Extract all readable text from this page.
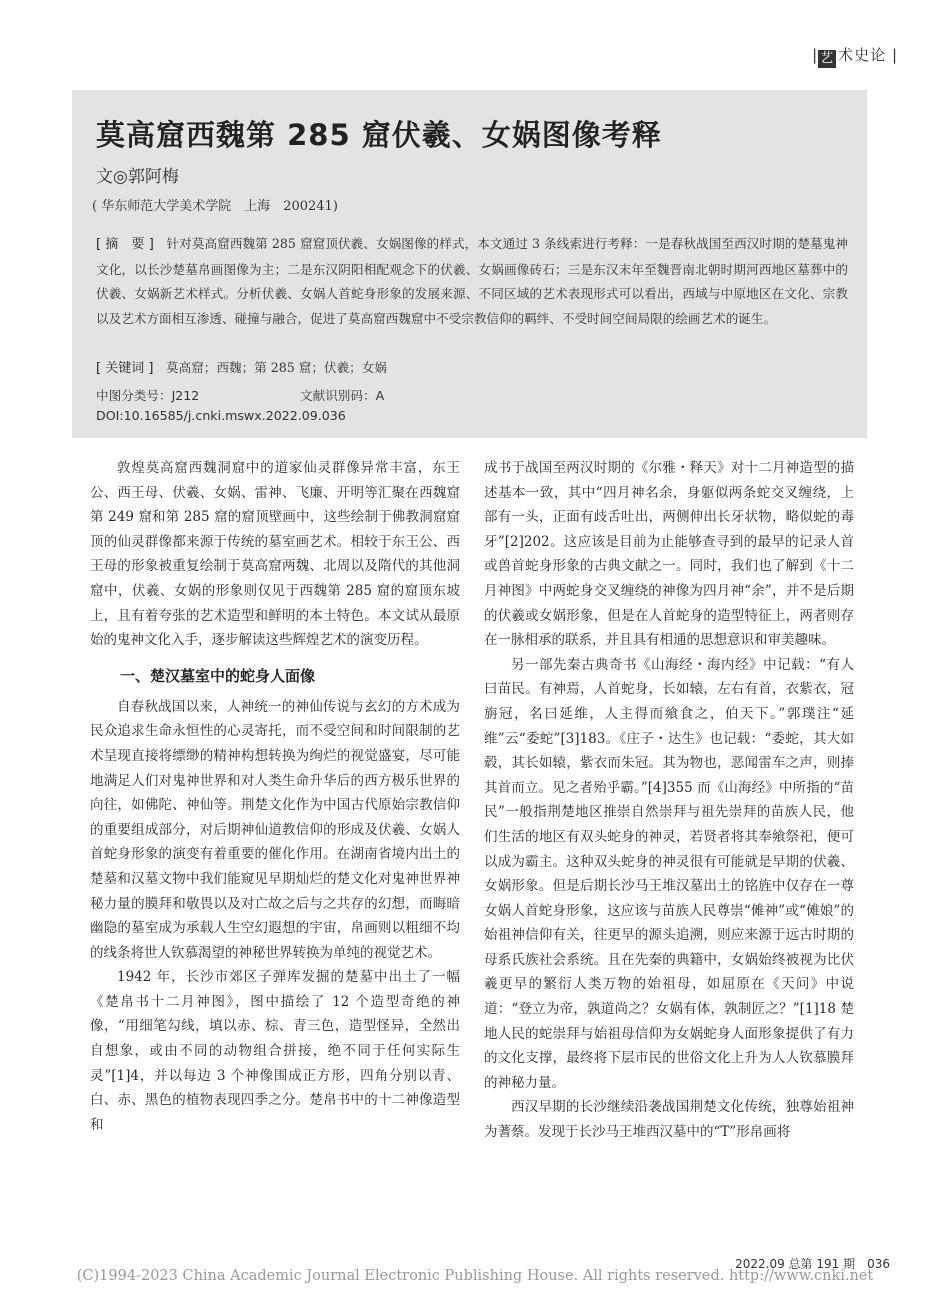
| 艺 术史论 |
莫高窟西魏第 285 窟伏羲、女娲图像考释
文◎郭阿梅
( 华东师范大学美术学院　上海　200241)
[ 摘　要 ]　 针对莫高窟西魏第 285 窟窟顶伏羲、女娲图像的样式，本文通过 3 条线索进行考释：一是春秋战国至西汉时期的楚墓鬼神文化，以长沙楚墓帛画图像为主；二是东汉阴阳相配观念下的伏羲、女娲画像砖石；三是东汉末年至魏晋南北朝时期河西地区墓葬中的伏羲、女娲新艺术样式。分析伏羲、女娲人首蛇身形象的发展来源、不同区域的艺术表现形式可以看出，西域与中原地区在文化、宗教以及艺术方面相互渗透、碰撞与融合，促进了莫高窟西魏窟中不受宗教信仰的羁绊、不受时间空间局限的绘画艺术的诞生。
[ 关键词 ]　 莫高窟；西魏；第 285 窟；伏羲；女娲
中图分类号：J212	文献识别码：A
DOI:10.16585/j.cnki.mswx.2022.09.036

敦煌莫高窟西魏洞窟中的道家仙灵群像异常丰富，东王公、西王母、伏羲、女娲、雷神、飞廉、开明等汇聚在西魏窟第 249 窟和第 285 窟的窟顶壁画中，这些绘制于佛教洞窟窟顶的仙灵群像都来源于传统的墓室画艺术。相较于东王公、西王母的形象被重复绘制于莫高窟两魏、北周以及隋代的其他洞窟中，伏羲、女娲的形象则仅见于西魏第 285 窟的窟顶东坡上，且有着夸张的艺术造型和鲜明的本土特色。本文试从最原始的鬼神文化入手，逐步解读这些辉煌艺术的演变历程。

一、楚汉墓室中的蛇身人面像

自春秋战国以来，人神统一的神仙传说与玄幻的方术成为民众追求生命永恒性的心灵寄托，而不受空间和时间限制的艺术呈现直接将缥缈的精神构想转换为绚烂的视觉盛宴，尽可能地满足人们对鬼神世界和对人类生命升华后的西方极乐世界的向往，如佛陀、神仙等。荆楚文化作为中国古代原始宗教信仰的重要组成部分，对后期神仙道教信仰的形成及伏羲、女娲人首蛇身形象的演变有着重要的催化作用。在湖南省境内出土的楚墓和汉墓文物中我们能窥见早期灿烂的楚文化对鬼神世界神秘力量的膜拜和敬畏以及对亡故之后与之共存的幻想，而晦暗幽隐的墓室成为承载人生空幻遐想的宇宙，帛画则以粗细不均的线条将世人钦慕渴望的神秘世界转换为单纯的视觉艺术。

1942 年，长沙市郊区子弹库发掘的楚墓中出土了一幅《楚帛书十二月神图》，图中描绘了 12 个造型奇绝的神像，“用细笔勾线，填以赤、棕、青三色，造型怪异，全然出自想象，或由不同的动物组合拼接，绝不同于任何实际生灵”[1]4，并以每边 3 个神像围成正方形，四角分别以青、白、赤、黑色的植物表现四季之分。楚帛书中的十二神像造型和

成书于战国至两汉时期的《尔雅・释天》对十二月神造型的描述基本一致，其中“四月神名余，身躯似两条蛇交叉缠绕，上部有一头，正面有歧舌吐出，两侧伸出长牙状物，略似蛇的毒牙”[2]202。这应该是目前为止能够查寻到的最早的记录人首或兽首蛇身形象的古典文献之一。同时，我们也了解到《十二月神图》中两蛇身交叉缠绕的神像为四月神“余”，并不是后期的伏羲或女娲形象，但是在人首蛇身的造型特征上，两者则存在一脉相承的联系，并且具有相通的思想意识和审美趣味。

另一部先秦古典奇书《山海经・海内经》中记载：“有人曰苗民。有神焉，人首蛇身，长如辕，左右有首，衣紫衣，冠旃冠，名曰延维，人主得而飨食之，伯天下。”郭璞注“延维”云“委蛇”[3]183。《庄子・达生》也记载：“委蛇，其大如毂，其长如辕，紫衣而朱冠。其为物也，恶闻雷车之声，则捧其首而立。见之者殆乎霸。”[4]355 而《山海经》中所指的“苗民”一般指荆楚地区推崇自然崇拜与祖先崇拜的苗族人民，他们生活的地区有双头蛇身的神灵，若贤者将其奉飨祭祀，便可以成为霸主。这种双头蛇身的神灵很有可能就是早期的伏羲、女娲形象。但是后期长沙马王堆汉墓出土的铭旌中仅存在一尊女娲人首蛇身形象，这应该与苗族人民尊崇“傩神”或“傩娘”的始祖神信仰有关，往更早的源头追溯，则应来源于远古时期的母系氏族社会系统。且在先秦的典籍中，女娲始终被视为比伏羲更早的繁衍人类万物的始祖母，如屈原在《天问》中说道：“登立为帝，孰道尚之？女娲有体，孰制匠之？”[1]18 楚地人民的蛇崇拜与始祖母信仰为女娲蛇身人面形象提供了有力的文化支撑，最终将下层市民的世俗文化上升为人人钦慕膜拜的神秘力量。

西汉早期的长沙继续沿袭战国荆楚文化传统，独尊始祖神为蓍蔡。发现于长沙马王堆西汉墓中的“T”形帛画将

2022.09 总第 191 期　 036
(C)1994-2023 China Academic Journal Electronic Publishing House. All rights reserved. http://www.cnki.net
